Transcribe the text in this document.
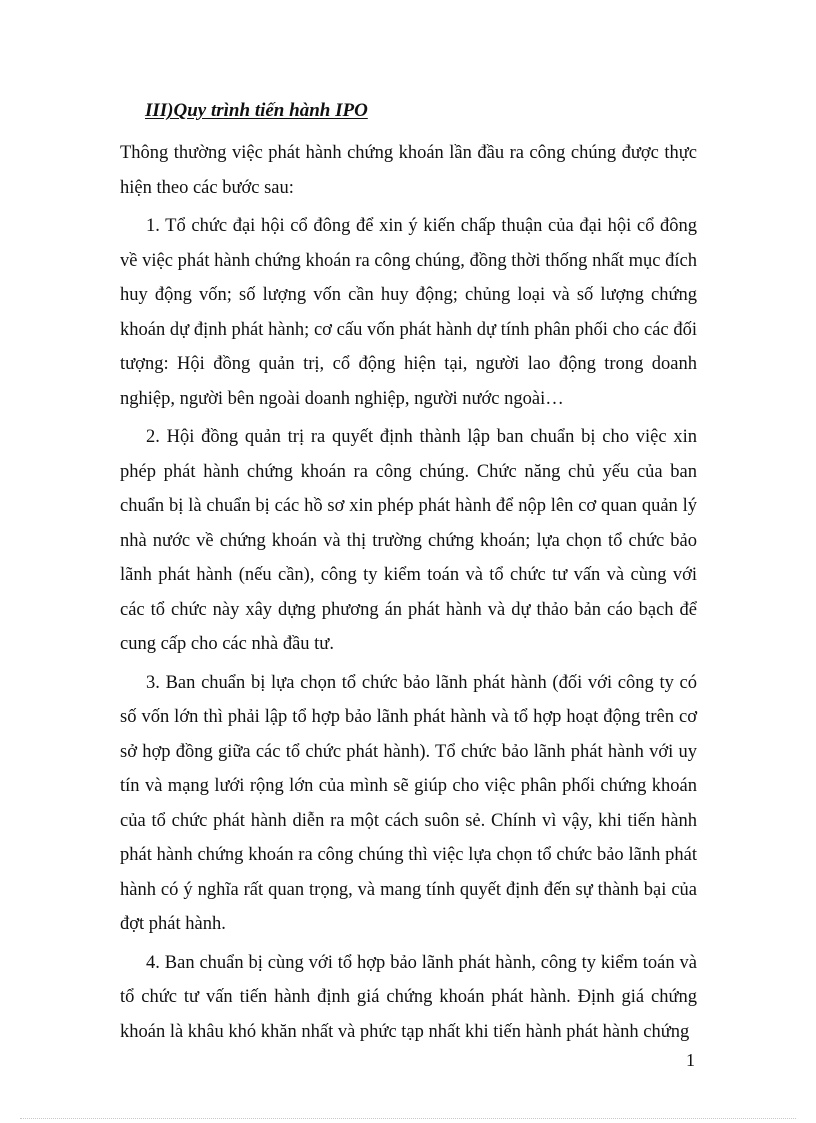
III)Quy trình tiến hành IPO

Thông thường việc phát hành chứng khoán lần đầu ra công chúng được thực hiện theo các bước sau:

1. Tổ chức đại hội cổ đông để xin ý kiến chấp thuận của đại hội cổ đông về việc phát hành chứng khoán ra công chúng, đồng thời thống nhất mục đích huy động vốn; số lượng vốn cần huy động; chủng loại và số lượng chứng khoán dự định phát hành; cơ cấu vốn phát hành dự tính phân phối cho các đối tượng: Hội đồng quản trị, cổ động hiện tại, người lao động trong doanh nghiệp, người bên ngoài doanh nghiệp, người nước ngoài…

2. Hội đồng quản trị ra quyết định thành lập ban chuẩn bị cho việc xin phép phát hành chứng khoán ra công chúng. Chức năng chủ yếu của ban chuẩn bị là chuẩn bị các hồ sơ xin phép phát hành để nộp lên cơ quan quản lý nhà nước về chứng khoán và thị trường chứng khoán; lựa chọn tổ chức bảo lãnh phát hành (nếu cần), công ty kiểm toán và tổ chức tư vấn và cùng với các tổ chức này xây dựng phương án phát hành và dự thảo bản cáo bạch để cung cấp cho các nhà đầu tư.

3. Ban chuẩn bị lựa chọn tổ chức bảo lãnh phát hành (đối với công ty có số vốn lớn thì phải lập tổ hợp bảo lãnh phát hành và tổ hợp hoạt động trên cơ sở hợp đồng giữa các tổ chức phát hành). Tổ chức bảo lãnh phát hành với uy tín và mạng lưới rộng lớn của mình sẽ giúp cho việc phân phối chứng khoán của tổ chức phát hành diễn ra một cách suôn sẻ. Chính vì vậy, khi tiến hành phát hành chứng khoán ra công chúng thì việc lựa chọn tổ chức bảo lãnh phát hành có ý nghĩa rất quan trọng, và mang tính quyết định đến sự thành bại của đợt phát hành.

4. Ban chuẩn bị cùng với tổ hợp bảo lãnh phát hành, công ty kiểm toán và tổ chức tư vấn tiến hành định giá chứng khoán phát hành. Định giá chứng khoán là khâu khó khăn nhất và phức tạp nhất khi tiến hành phát hành chứng

1
